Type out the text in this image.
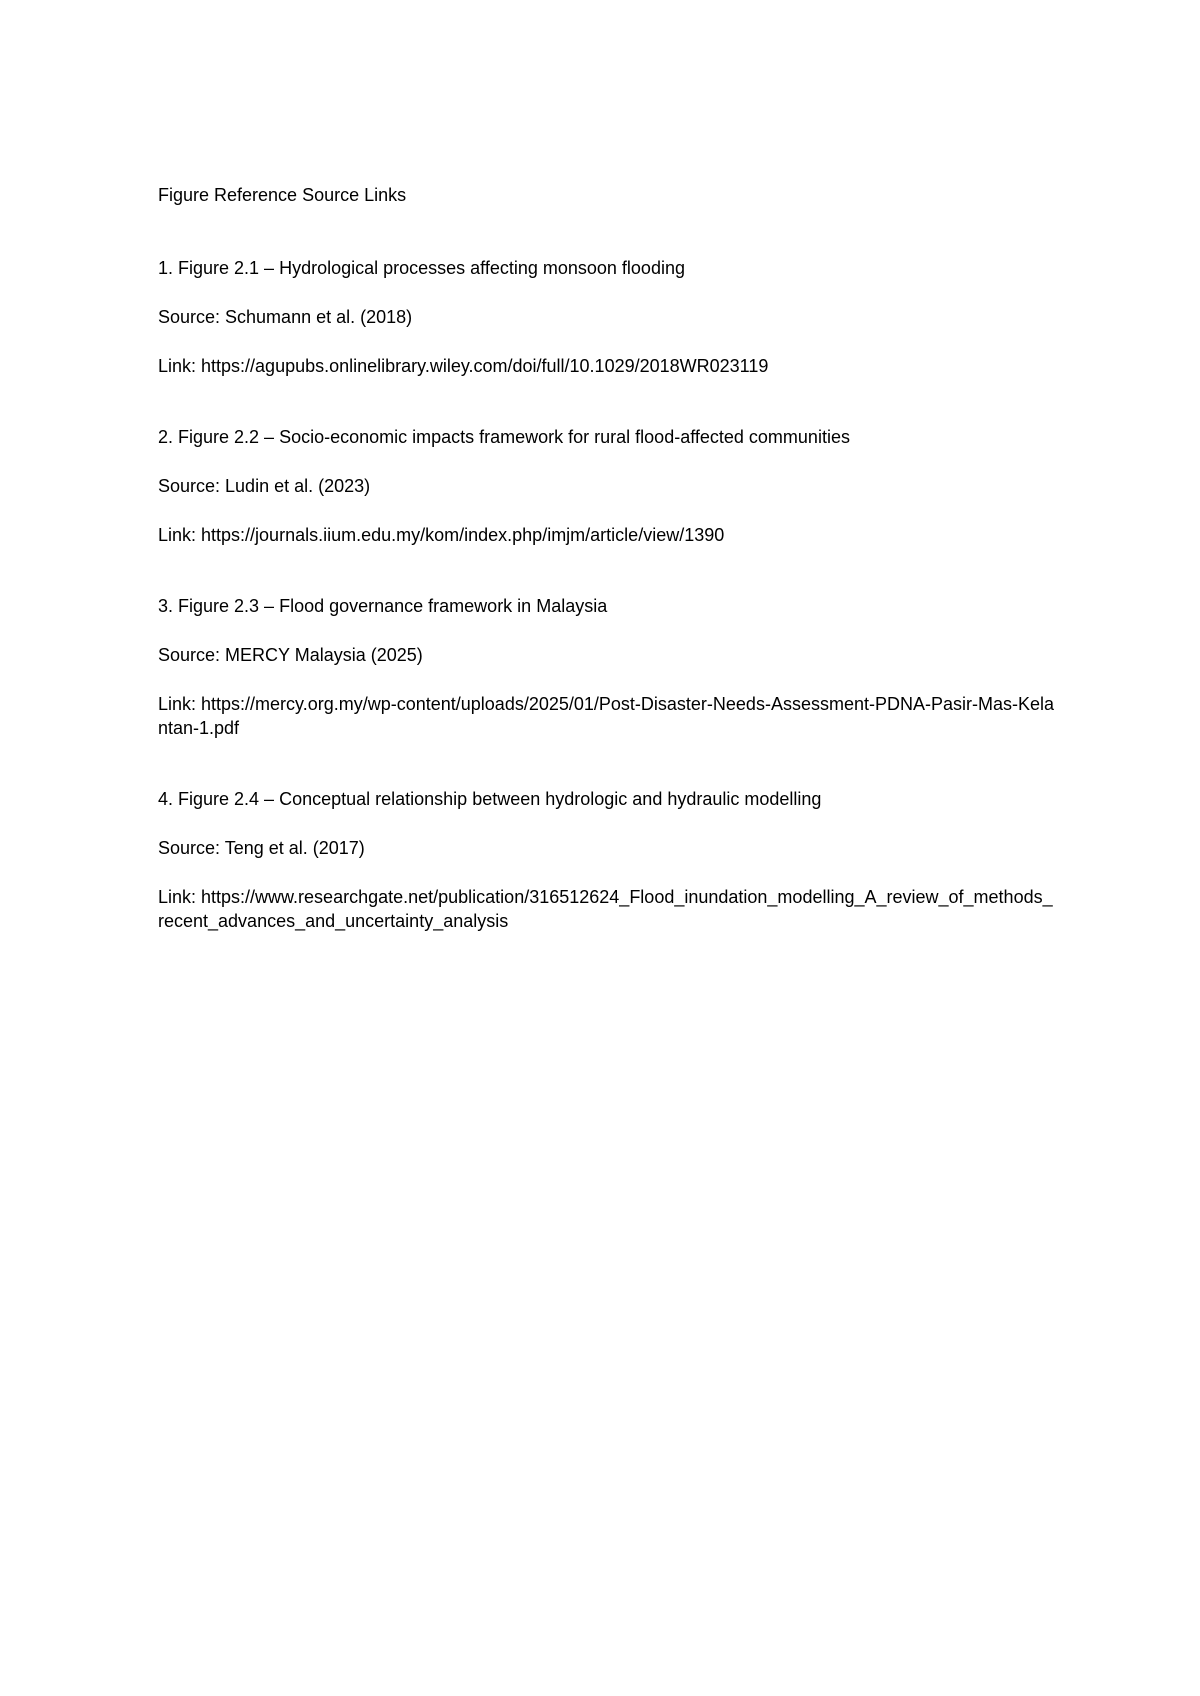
Figure Reference Source Links

1. Figure 2.1 – Hydrological processes affecting monsoon flooding

Source: Schumann et al. (2018)

Link: https://agupubs.onlinelibrary.wiley.com/doi/full/10.1029/2018WR023119

2. Figure 2.2 – Socio-economic impacts framework for rural flood-affected communities

Source: Ludin et al. (2023)

Link: https://journals.iium.edu.my/kom/index.php/imjm/article/view/1390

3. Figure 2.3 – Flood governance framework in Malaysia

Source: MERCY Malaysia (2025)

Link: https://mercy.org.my/wp-content/uploads/2025/01/Post-Disaster-Needs-Assessment-PDNA-Pasir-Mas-Kelantan-1.pdf

4. Figure 2.4 – Conceptual relationship between hydrologic and hydraulic modelling

Source: Teng et al. (2017)

Link: https://www.researchgate.net/publication/316512624_Flood_inundation_modelling_A_review_of_methods_recent_advances_and_uncertainty_analysis
